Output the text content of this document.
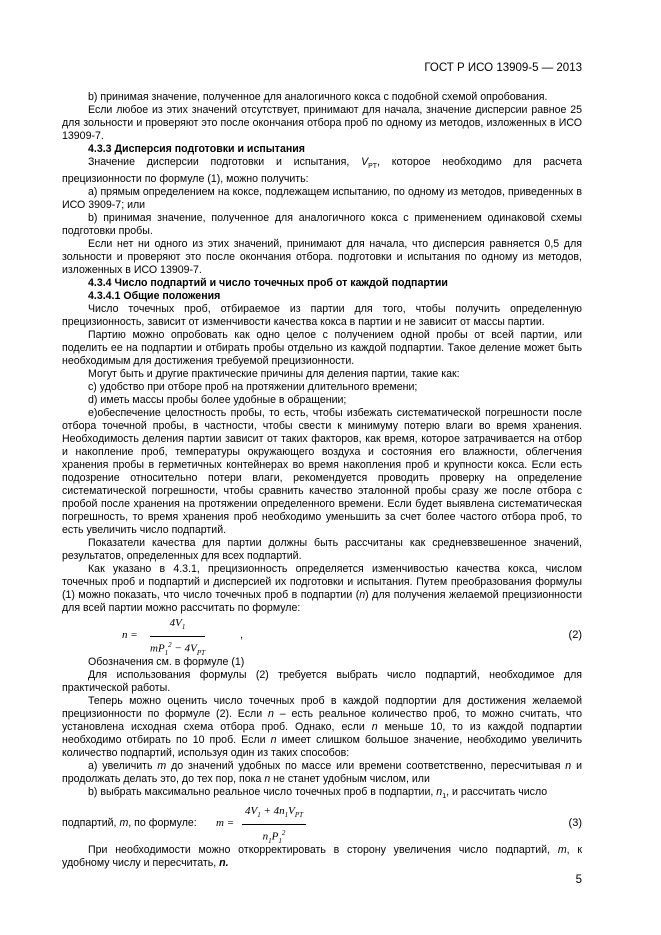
ГОСТ Р ИСО 13909-5 — 2013

b) принимая значение, полученное для аналогичного кокса с подобной схемой опробования.

Если любое из этих значений отсутствует, принимают для начала, значение дисперсии равное 25 для зольности и проверяют это после окончания отбора проб по одному из методов, изложенных в ИСО 13909-7.

4.3.3 Дисперсия подготовки и испытания

Значение дисперсии подготовки и испытания, $V_{PT}$, которое необходимо для расчета прецизионности по формуле (1), можно получить:

а) прямым определением на коксе, подлежащем испытанию, по одному из методов, приведенных в ИСО 3909-7; или

b) принимая значение, полученное для аналогичного кокса с применением одинаковой схемы подготовки пробы.

Если нет ни одного из этих значений, принимают для начала, что дисперсия равняется 0,5 для зольности и проверяют это после окончания отбора. подготовки и испытания по одному из методов, изложенных в ИСО 13909-7.

4.3.4 Число подпартий и число точечных проб от каждой подпартии

4.3.4.1 Общие положения

Число точечных проб, отбираемое из партии для того, чтобы получить определенную прецизионность, зависит от изменчивости качества кокса в партии и не зависит от массы партии.

Партию можно опробовать как одно целое с получением одной пробы от всей партии, или поделить ее на подпартии и отбирать пробы отдельно из каждой подпартии. Такое деление может быть необходимым для достижения требуемой прецизионности.

Могут быть и другие практические причины для деления партии, такие как:

с) удобство при отборе проб на протяжении длительного времени;

d) иметь массы пробы более удобные в обращении;

е)обеспечение целостность пробы, то есть, чтобы избежать систематической погрешности после отбора точечной пробы, в частности, чтобы свести к минимуму потерю влаги во время хранения. Необходимость деления партии зависит от таких факторов, как время, которое затрачивается на отбор и накопление проб, температуры окружающего воздуха и состояния его влажности, облегчения хранения пробы в герметичных контейнерах во время накопления проб и крупности кокса. Если есть подозрение относительно потери влаги, рекомендуется проводить проверку на определение систематической погрешности, чтобы сравнить качество эталонной пробы сразу же после отбора с пробой после хранения на протяжении определенного времени. Если будет выявлена систематическая погрешность, то время хранения проб необходимо уменьшить за счет более частого отбора проб, то есть увеличить число подпартий.

Показатели качества для партии должны быть рассчитаны как средневзвешенное значений, результатов, определенных для всех подпартий.

Как указано в 4.3.1, прецизионность определяется изменчивостью качества кокса, числом точечных проб и подпартий и дисперсией их подготовки и испытания. Путем преобразования формулы (1) можно показать, что число точечных проб в подпартии (n) для получения желаемой прецизионности для всей партии можно рассчитать по формуле:

n =
$4V_1$
$mP_1^2 - 4V_{PT}$
,	(2)

Обозначения см. в формуле (1)

Для использования формулы (2) требуется выбрать число подпартий, необходимое для практической работы.

Теперь можно оценить число точечных проб в каждой подпортии для достижения желаемой прецизионности по формуле (2). Если n – есть реальное количество проб, то можно считать, что установлена исходная схема отбора проб. Однако, если n меньше 10, то из каждой подпартии необходимо отбирать по 10 проб. Если n имеет слишком большое значение, необходимо увеличить количество подпартий, используя один из таких способов:

а) увеличить m до значений удобных по массе или времени соответственно, пересчитывая n и продолжать делать это, до тех пор, пока n не станет удобным числом, или

b) выбрать максимально реальное число точечных проб в подпартии, $n_1$, и рассчитать число

подпартий, m, по формуле: m =
$4V_1 + 4n_1V_{PT}$
$n_1P_1^2$
(3)

При необходимости можно откорректировать в сторону увеличения число подпартий, m, к удобному числу и пересчитать, n.

5
